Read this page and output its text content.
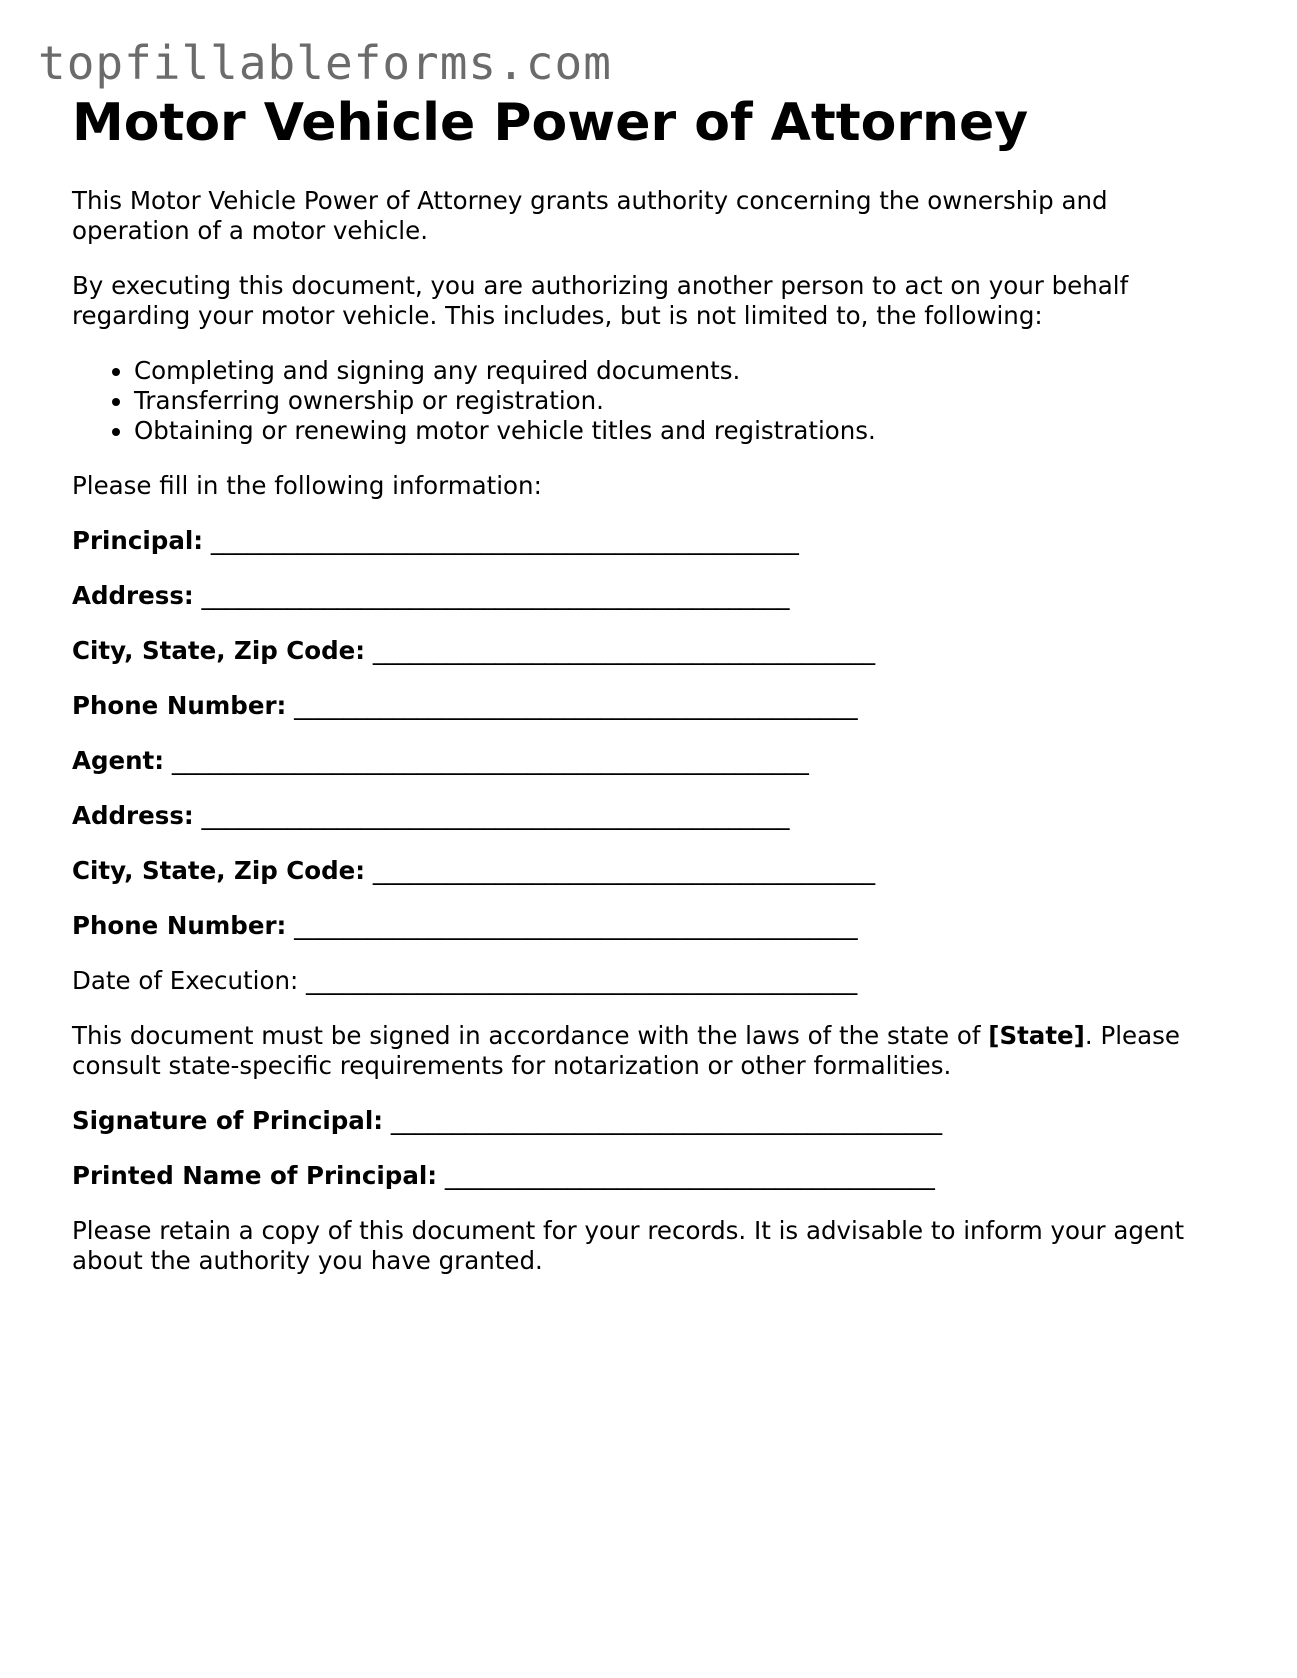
topfillableforms.com
Motor Vehicle Power of Attorney

This Motor Vehicle Power of Attorney grants authority concerning the ownership and operation of a motor vehicle.

By executing this document, you are authorizing another person to act on your behalf regarding your motor vehicle. This includes, but is not limited to, the following:

• Completing and signing any required documents.
• Transferring ownership or registration.
• Obtaining or renewing motor vehicle titles and registrations.

Please fill in the following information:

Principal: ________________________________________________
Address: ________________________________________________
City, State, Zip Code: _________________________________________
Phone Number: ______________________________________________
Agent: ____________________________________________________
Address: ________________________________________________
City, State, Zip Code: _________________________________________
Phone Number: ______________________________________________
Date of Execution: _____________________________________________

This document must be signed in accordance with the laws of the state of [State]. Please consult state-specific requirements for notarization or other formalities.

Signature of Principal: _____________________________________________
Printed Name of Principal: ________________________________________

Please retain a copy of this document for your records. It is advisable to inform your agent about the authority you have granted.
